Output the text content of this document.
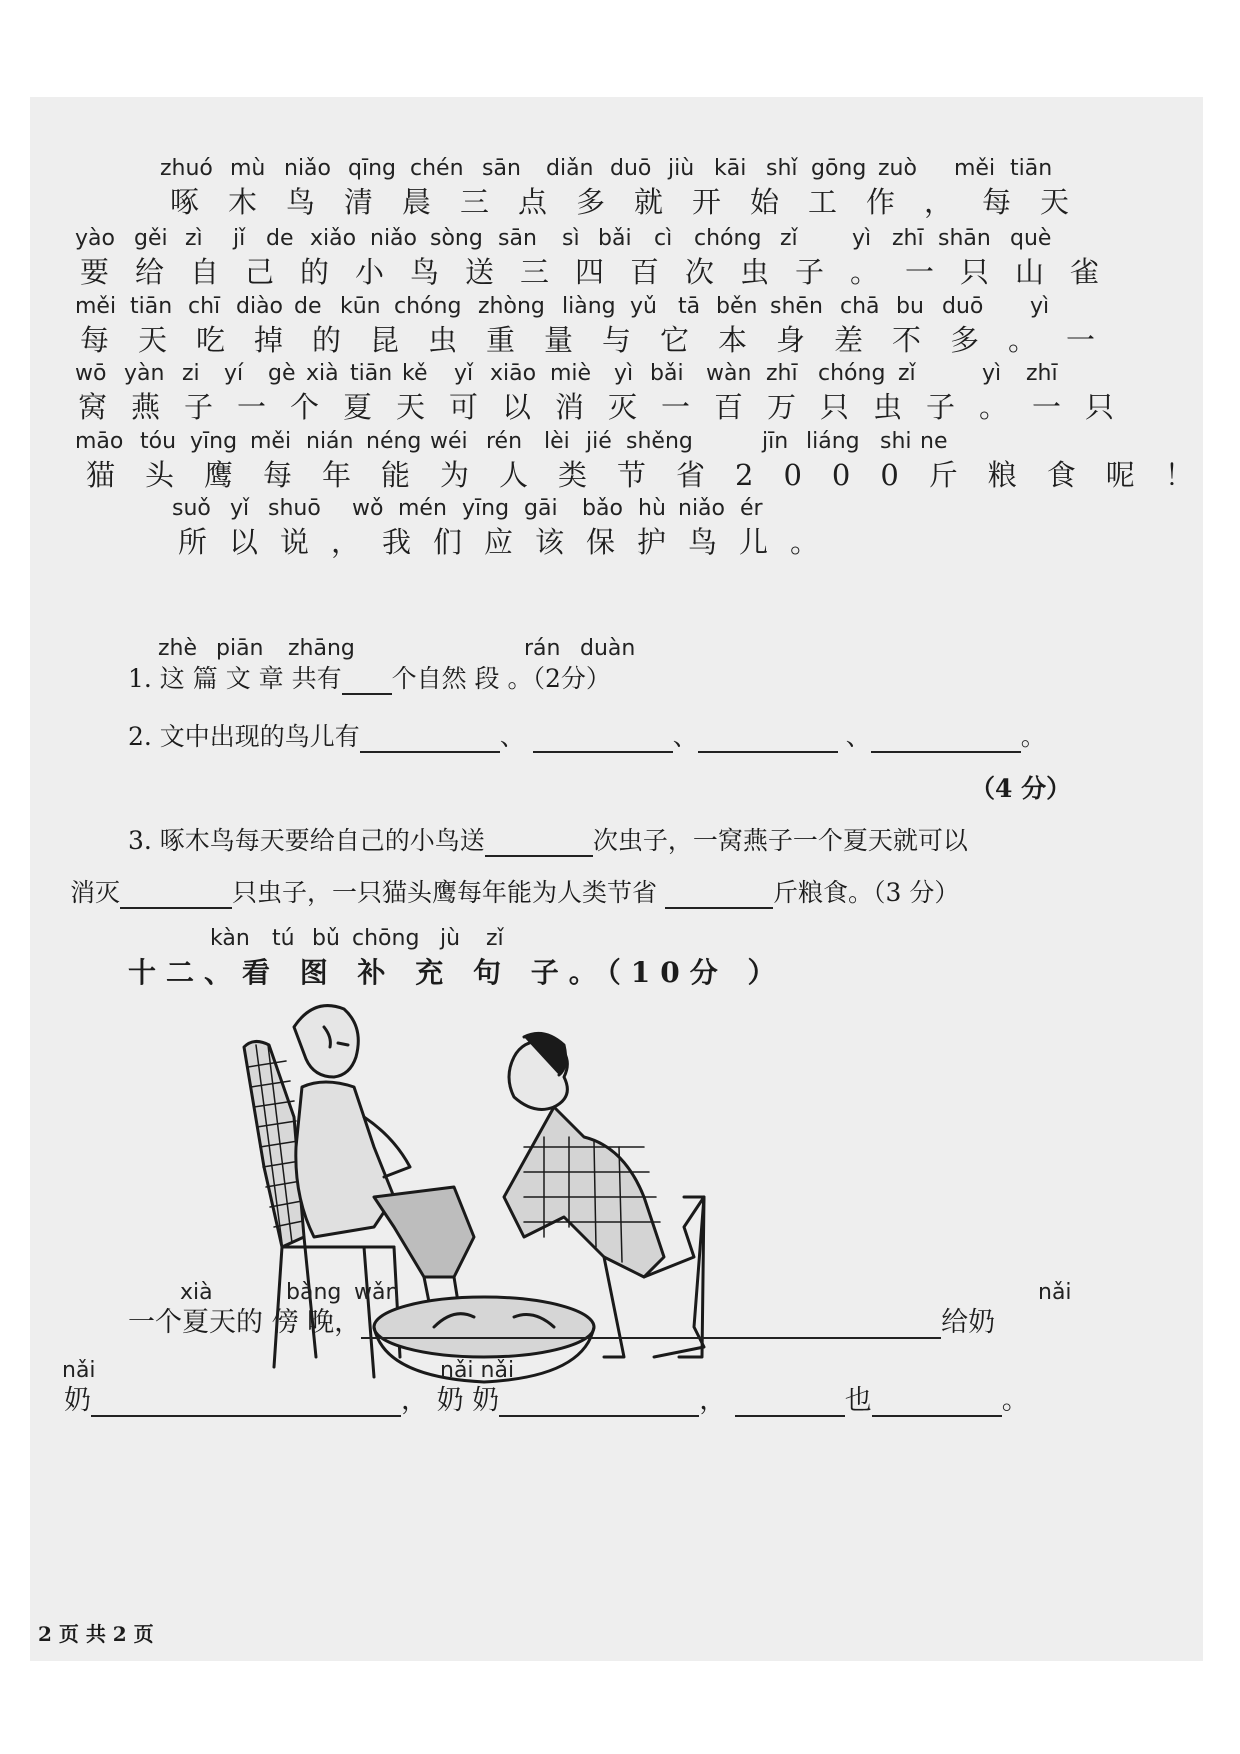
zhuó mù niǎo qīng chén sān diǎn duō jiù kāi shǐ gōng zuò měi tiān
啄木鸟清晨三点多就开始工作，每天
yào gěi zì jǐ de xiǎo niǎo sòng sān sì bǎi cì chóng zǐ yì zhī shān què
要给自己的小鸟送三四百次虫子。一只山雀
měi tiān chī diào de kūn chóng zhòng liàng yǔ tā běn shēn chā bu duō yì
每天吃掉的昆虫重量与它本身差不多。一
wō yàn zi yí gè xià tiān kě yǐ xiāo miè yì bǎi wàn zhī chóng zǐ	yì zhī
窝燕子一个夏天可以消灭一百万只虫子。一只
māo tóu yīng měi nián néng wéi rén lèi jié shěng	jīn liáng shi ne
猫头鹰每年能为人类节省2000斤粮食呢！
suǒ yǐ shuō wǒ mén yīng gāi bǎo hù niǎo ér
所以说，我们应该保护鸟儿。
zhè piān zhāng	rán duàn
1. 这 篇 文 章 共有 个自然 段 。（2分）
2. 文中出现的鸟儿有	、	、	、	。
（4 分）
3. 啄木鸟每天要给自己的小鸟送	次虫子，一窝燕子一个夏天就可以
消灭	只虫子，一只猫头鹰每年能为人类节省	斤粮食。（3 分）
kàn tú bǔ chōng jù zǐ
十二、看 图 补 充 句 子。（10分 ）
xià	bàng wǎn	nǎi
一个夏天的 傍 晚，	给奶
nǎi	nǎi nǎi
奶	， 奶 奶	，	也	。
2 页 共 2 页
